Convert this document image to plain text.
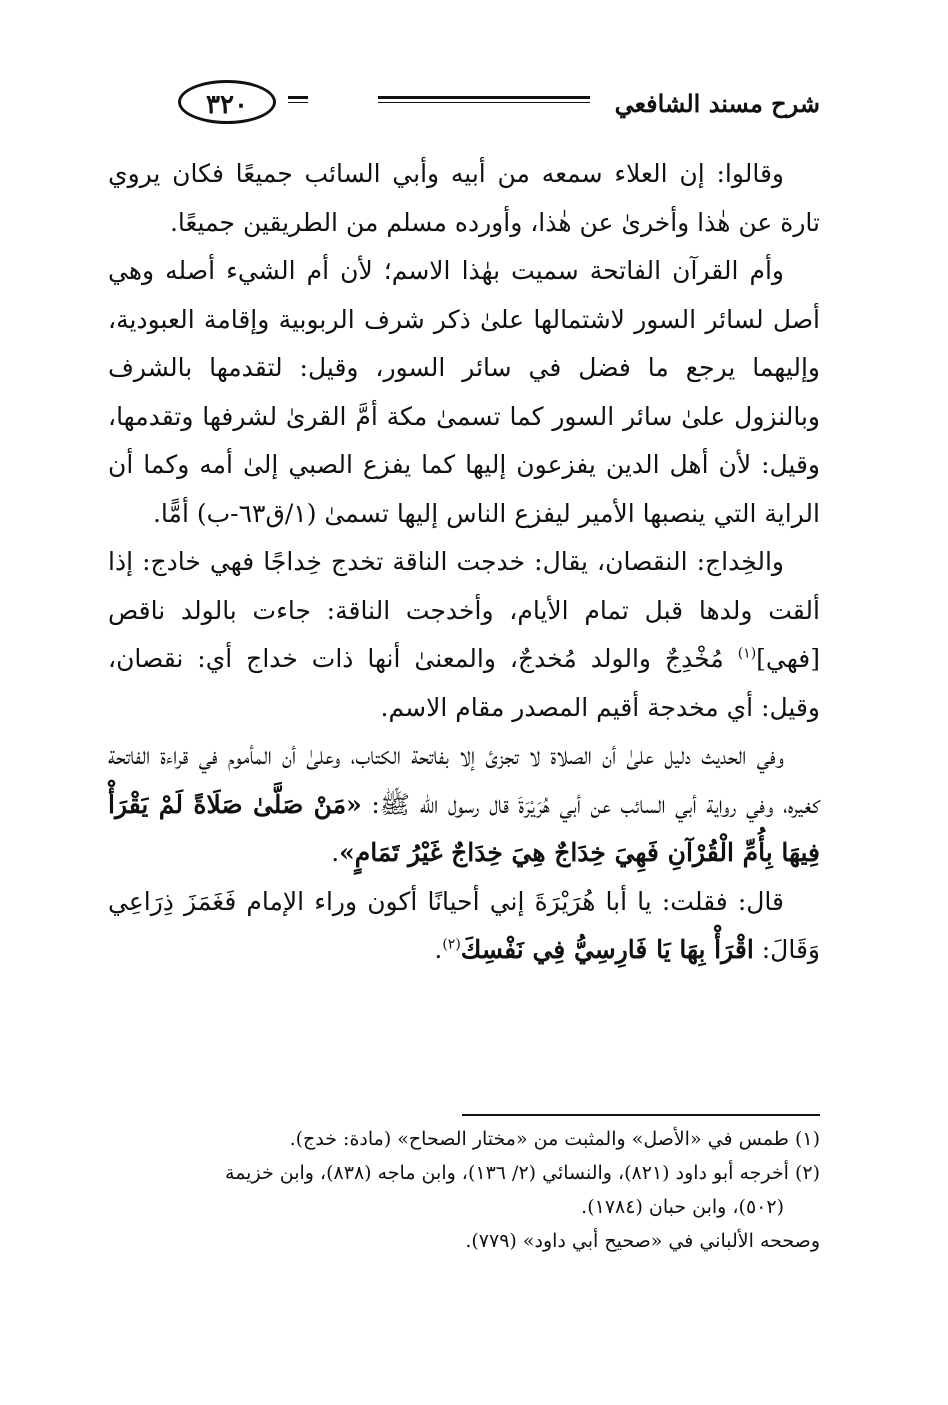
شرح مسند الشافعي
٣٢٠

وقالوا: إن العلاء سمعه من أبيه وأبي السائب جميعًا فكان يروي تارة عن هٰذا وأخرىٰ عن هٰذا، وأورده مسلم من الطريقين جميعًا.

وأم القرآن الفاتحة سميت بهٰذا الاسم؛ لأن أم الشيء أصله وهي أصل لسائر السور لاشتمالها علىٰ ذكر شرف الربوبية وإقامة العبودية، وإليهما يرجع ما فضل في سائر السور، وقيل: لتقدمها بالشرف وبالنزول علىٰ سائر السور كما تسمىٰ مكة أمَّ القرىٰ لشرفها وتقدمها، وقيل: لأن أهل الدين يفزعون إليها كما يفزع الصبي إلىٰ أمه وكما أن الراية التي ينصبها الأمير ليفزع الناس إليها تسمىٰ (١/ق٦٣-ب) أمًّا.

والخِداج: النقصان، يقال: خدجت الناقة تخدج خِداجًا فهي خادج: إذا ألقت ولدها قبل تمام الأيام، وأخدجت الناقة: جاءت بالولد ناقص [فهي]$^{(١)}$ مُخْدِجٌ والولد مُخدجٌ، والمعنىٰ أنها ذات خداج أي: نقصان، وقيل: أي مخدجة أقيم المصدر مقام الاسم.

وفي الحديث دليل علىٰ أن الصلاة لا تجزئ إلا بفاتحة الكتاب، وعلىٰ أن المأموم في قراءة الفاتحة كغيره، وفي رواية أبي السائب عن أبي هُرَيْرَةَ قال رسول الله ﷺ: «مَنْ صَلَّىٰ صَلَاةً لَمْ يَقْرَأْ فِيهَا بِأُمِّ الْقُرْآنِ فَهِيَ خِدَاجٌ هِيَ خِدَاجٌ غَيْرُ تَمَامٍ».

قال: فقلت: يا أبا هُرَيْرَةَ إني أحيانًا أكون وراء الإمام فَغَمَزَ ذِرَاعِي وَقَالَ: اقْرَأْ بِهَا يَا فَارِسِيُّ فِي نَفْسِكَ$^{(٢)}$.

(١) طمس في «الأصل» والمثبت من «مختار الصحاح» (مادة: خدج).

(٢) أخرجه أبو داود (٨٢١)، والنسائي (٢/ ١٣٦)، وابن ماجه (٨٣٨)، وابن خزيمة

(٥٠٢)، وابن حبان (١٧٨٤).

وصححه الألباني في «صحيح أبي داود» (٧٧٩).
